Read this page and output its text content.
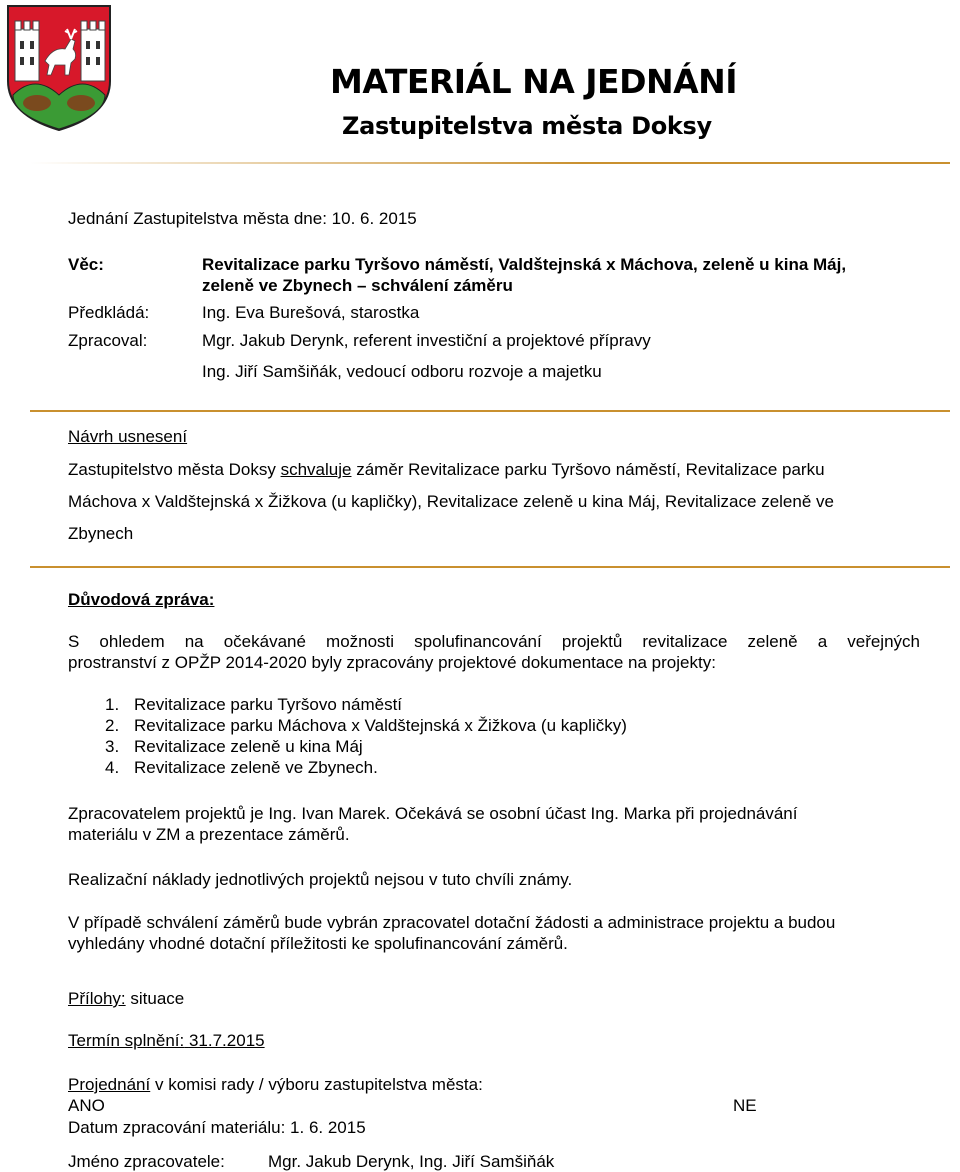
MATERIÁL NA JEDNÁNÍ
Zastupitelstva města Doksy
Jednání Zastupitelstva města dne: 10. 6. 2015
Věc:	Revitalizace parku Tyršovo náměstí, Valdštejnská x Máchova, zeleně u kina Máj,
zeleně ve Zbynech – schválení záměru
Předkládá:	Ing. Eva Burešová, starostka
Zpracoval:	Mgr. Jakub Derynk, referent investiční a projektové přípravy
Ing. Jiří Samšiňák, vedoucí odboru rozvoje a majetku
Návrh usnesení
Zastupitelstvo města Doksy schvaluje záměr Revitalizace parku Tyršovo náměstí, Revitalizace parku
Máchova x Valdštejnská x Žižkova (u kapličky), Revitalizace zeleně u kina Máj, Revitalizace zeleně ve
Zbynech
Důvodová zpráva:
S ohledem na očekávané možnosti spolufinancování projektů revitalizace zeleně a veřejných
prostranství z OPŽP 2014-2020 byly zpracovány projektové dokumentace na projekty:
1. Revitalizace parku Tyršovo náměstí
2. Revitalizace parku Máchova x Valdštejnská x Žižkova (u kapličky)
3. Revitalizace zeleně u kina Máj
4. Revitalizace zeleně ve Zbynech.
Zpracovatelem projektů je Ing. Ivan Marek. Očekává se osobní účast Ing. Marka při projednávání
materiálu v ZM a prezentace záměrů.
Realizační náklady jednotlivých projektů nejsou v tuto chvíli známy.
V případě schválení záměrů bude vybrán zpracovatel dotační žádosti a administrace projektu a budou
vyhledány vhodné dotační příležitosti ke spolufinancování záměrů.
Přílohy: situace
Termín splnění: 31.7.2015
Projednání v komisi rady / výboru zastupitelstva města:
ANO	NE
Datum zpracování materiálu: 1. 6. 2015
Jméno zpracovatele:	Mgr. Jakub Derynk, Ing. Jiří Samšiňák
